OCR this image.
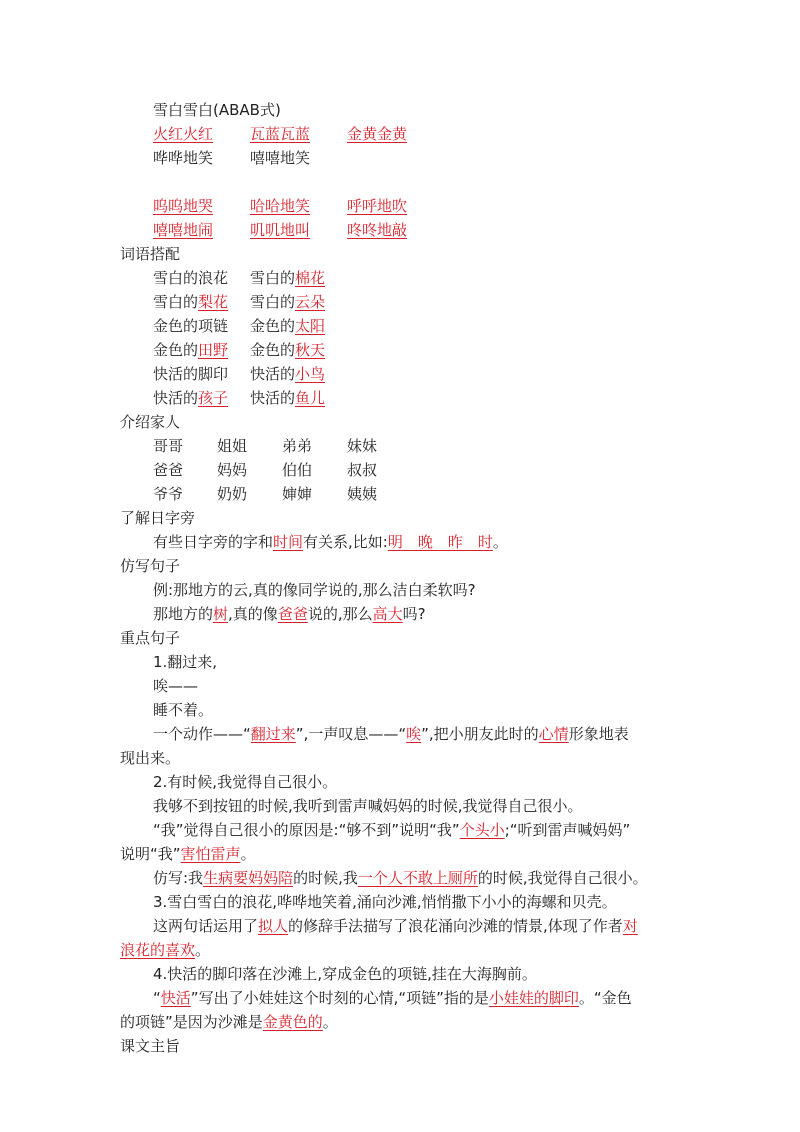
雪白雪白(ABAB式)
火红火红 瓦蓝瓦蓝 金黄金黄
哗哗地笑 嘻嘻地笑
呜呜地哭 哈哈地笑 呼呼地吹
嘻嘻地闹 叽叽地叫 咚咚地敲
词语搭配
雪白的浪花 雪白的棉花
雪白的梨花 雪白的云朵
金色的项链 金色的太阳
金色的田野 金色的秋天
快活的脚印 快活的小鸟
快活的孩子 快活的鱼儿
介绍家人
哥哥 姐姐 弟弟 妹妹
爸爸 妈妈 伯伯 叔叔
爷爷 奶奶 婶婶 姨姨
了解日字旁
有些日字旁的字和时间有关系,比如:明　晚　昨　时。
仿写句子
例:那地方的云,真的像同学说的,那么洁白柔软吗?
那地方的树,真的像爸爸说的,那么高大吗?
重点句子
1.翻过来,
唉——
睡不着。
一个动作——“翻过来”,一声叹息——“唉”,把小朋友此时的心情形象地表
现出来。
2.有时候,我觉得自己很小。
我够不到按钮的时候,我听到雷声喊妈妈的时候,我觉得自己很小。
“我”觉得自己很小的原因是:“够不到”说明“我”个头小;“听到雷声喊妈妈”
说明“我”害怕雷声。
仿写:我生病要妈妈陪的时候,我一个人不敢上厕所的时候,我觉得自己很小。
3.雪白雪白的浪花,哗哗地笑着,涌向沙滩,悄悄撒下小小的海螺和贝壳。
这两句话运用了拟人的修辞手法描写了浪花涌向沙滩的情景,体现了作者对
浪花的喜欢。
4.快活的脚印落在沙滩上,穿成金色的项链,挂在大海胸前。
“快活”写出了小娃娃这个时刻的心情,“项链”指的是小娃娃的脚印。“金色
的项链”是因为沙滩是金黄色的。
课文主旨
